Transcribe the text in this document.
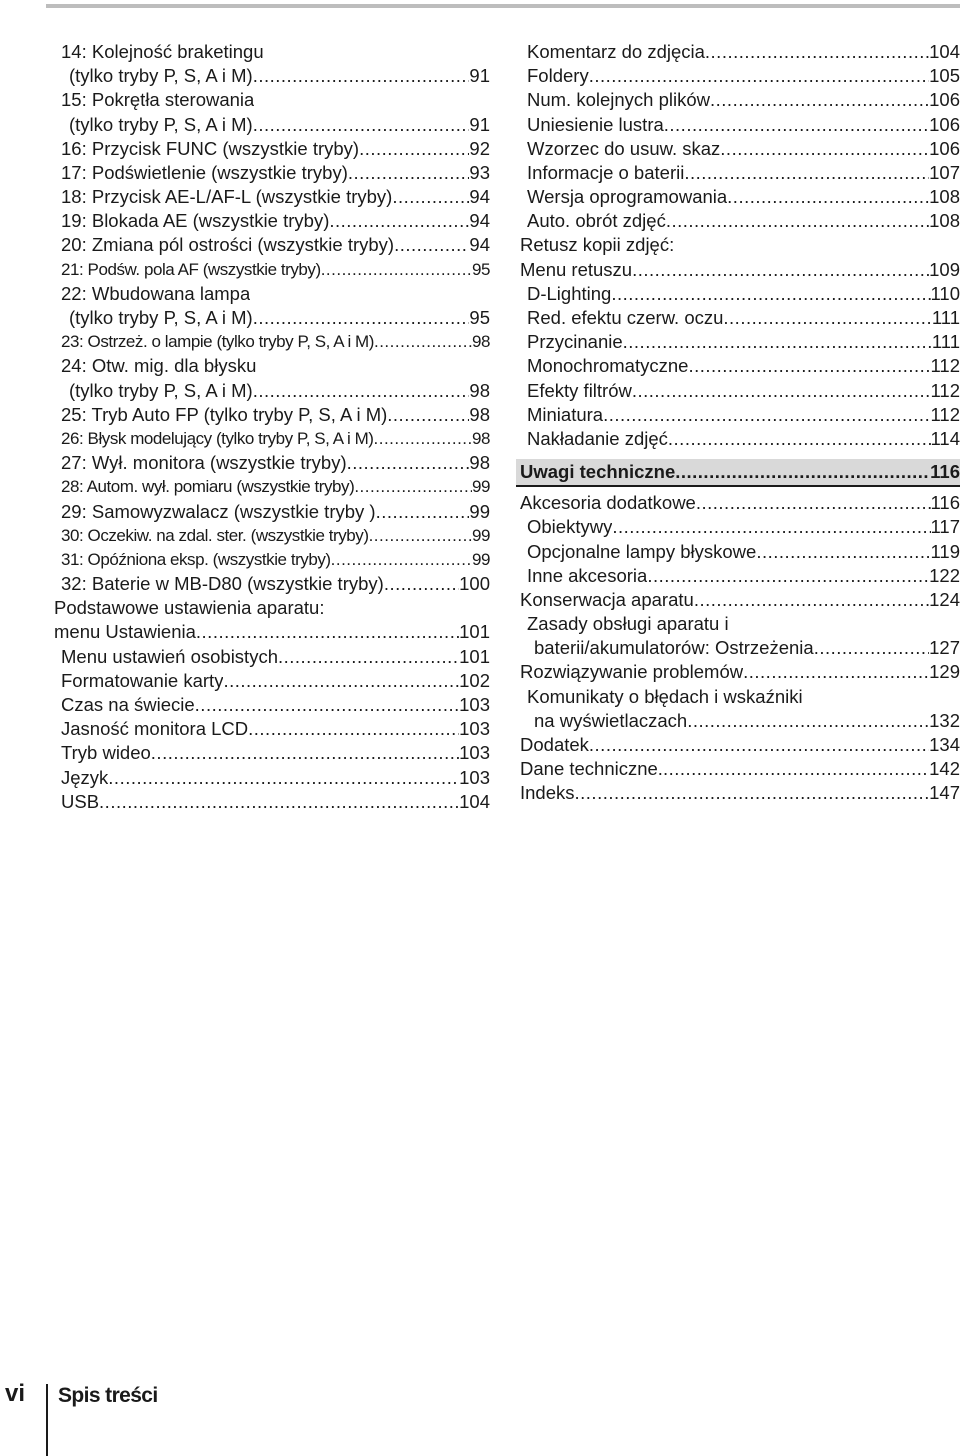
14: Kolejność braketingu
(tylko tryby P, S, A i M) .....	91
15: Pokrętła sterowania
(tylko tryby P, S, A i M) .....	91
16: Przycisk FUNC (wszystkie tryby) .....	92
17: Podświetlenie (wszystkie tryby) .....	93
18: Przycisk AE-L/AF-L (wszystkie tryby) .....	94
19: Blokada AE (wszystkie tryby) .....	94
20: Zmiana pól ostrości (wszystkie tryby) .....	94
21: Podśw. pola AF (wszystkie tryby) .....	95
22: Wbudowana lampa
(tylko tryby P, S, A i M) .....	95
23: Ostrzeż. o lampie (tylko tryby P, S, A i M) .....	98
24: Otw. mig. dla błysku
(tylko tryby P, S, A i M) .....	98
25: Tryb Auto FP (tylko tryby P, S, A i M) .....	98
26: Błysk modelujący (tylko tryby P, S, A i M) .....	98
27: Wył. monitora (wszystkie tryby) .....	98
28: Autom. wył. pomiaru (wszystkie tryby) .....	99
29: Samowyzwalacz (wszystkie tryby ) .....	99
30: Oczekiw. na zdal. ster. (wszystkie tryby) .....	99
31: Opóźniona eksp. (wszystkie tryby) .....	99
32: Baterie w MB-D80 (wszystkie tryby) .....	100
Podstawowe ustawienia aparatu:
menu Ustawienia .....	101
Menu ustawień osobistych .....	101
Formatowanie karty .....	102
Czas na świecie .....	103
Jasność monitora LCD .....	103
Tryb wideo .....	103
Język .....	103
USB .....	104
Komentarz do zdjęcia .....	104
Foldery .....	105
Num. kolejnych plików .....	106
Uniesienie lustra .....	106
Wzorzec do usuw. skaz .....	106
Informacje o baterii .....	107
Wersja oprogramowania .....	108
Auto. obrót zdjęć .....	108
Retusz kopii zdjęć:
Menu retuszu .....	109
D-Lighting .....	110
Red. efektu czerw. oczu .....	111
Przycinanie .....	111
Monochromatyczne .....	112
Efekty filtrów .....	112
Miniatura .....	112
Nakładanie zdjęć .....	114
Uwagi techniczne .....	116
Akcesoria dodatkowe .....	116
Obiektywy .....	117
Opcjonalne lampy błyskowe .....	119
Inne akcesoria .....	122
Konserwacja aparatu .....	124
Zasady obsługi aparatu i
baterii/akumulatorów: Ostrzeżenia .....	127
Rozwiązywanie problemów .....	129
Komunikaty o błędach i wskaźniki
na wyświetlaczach .....	132
Dodatek .....	134
Dane techniczne. .....	142
Indeks .....	147
vi Spis treści
